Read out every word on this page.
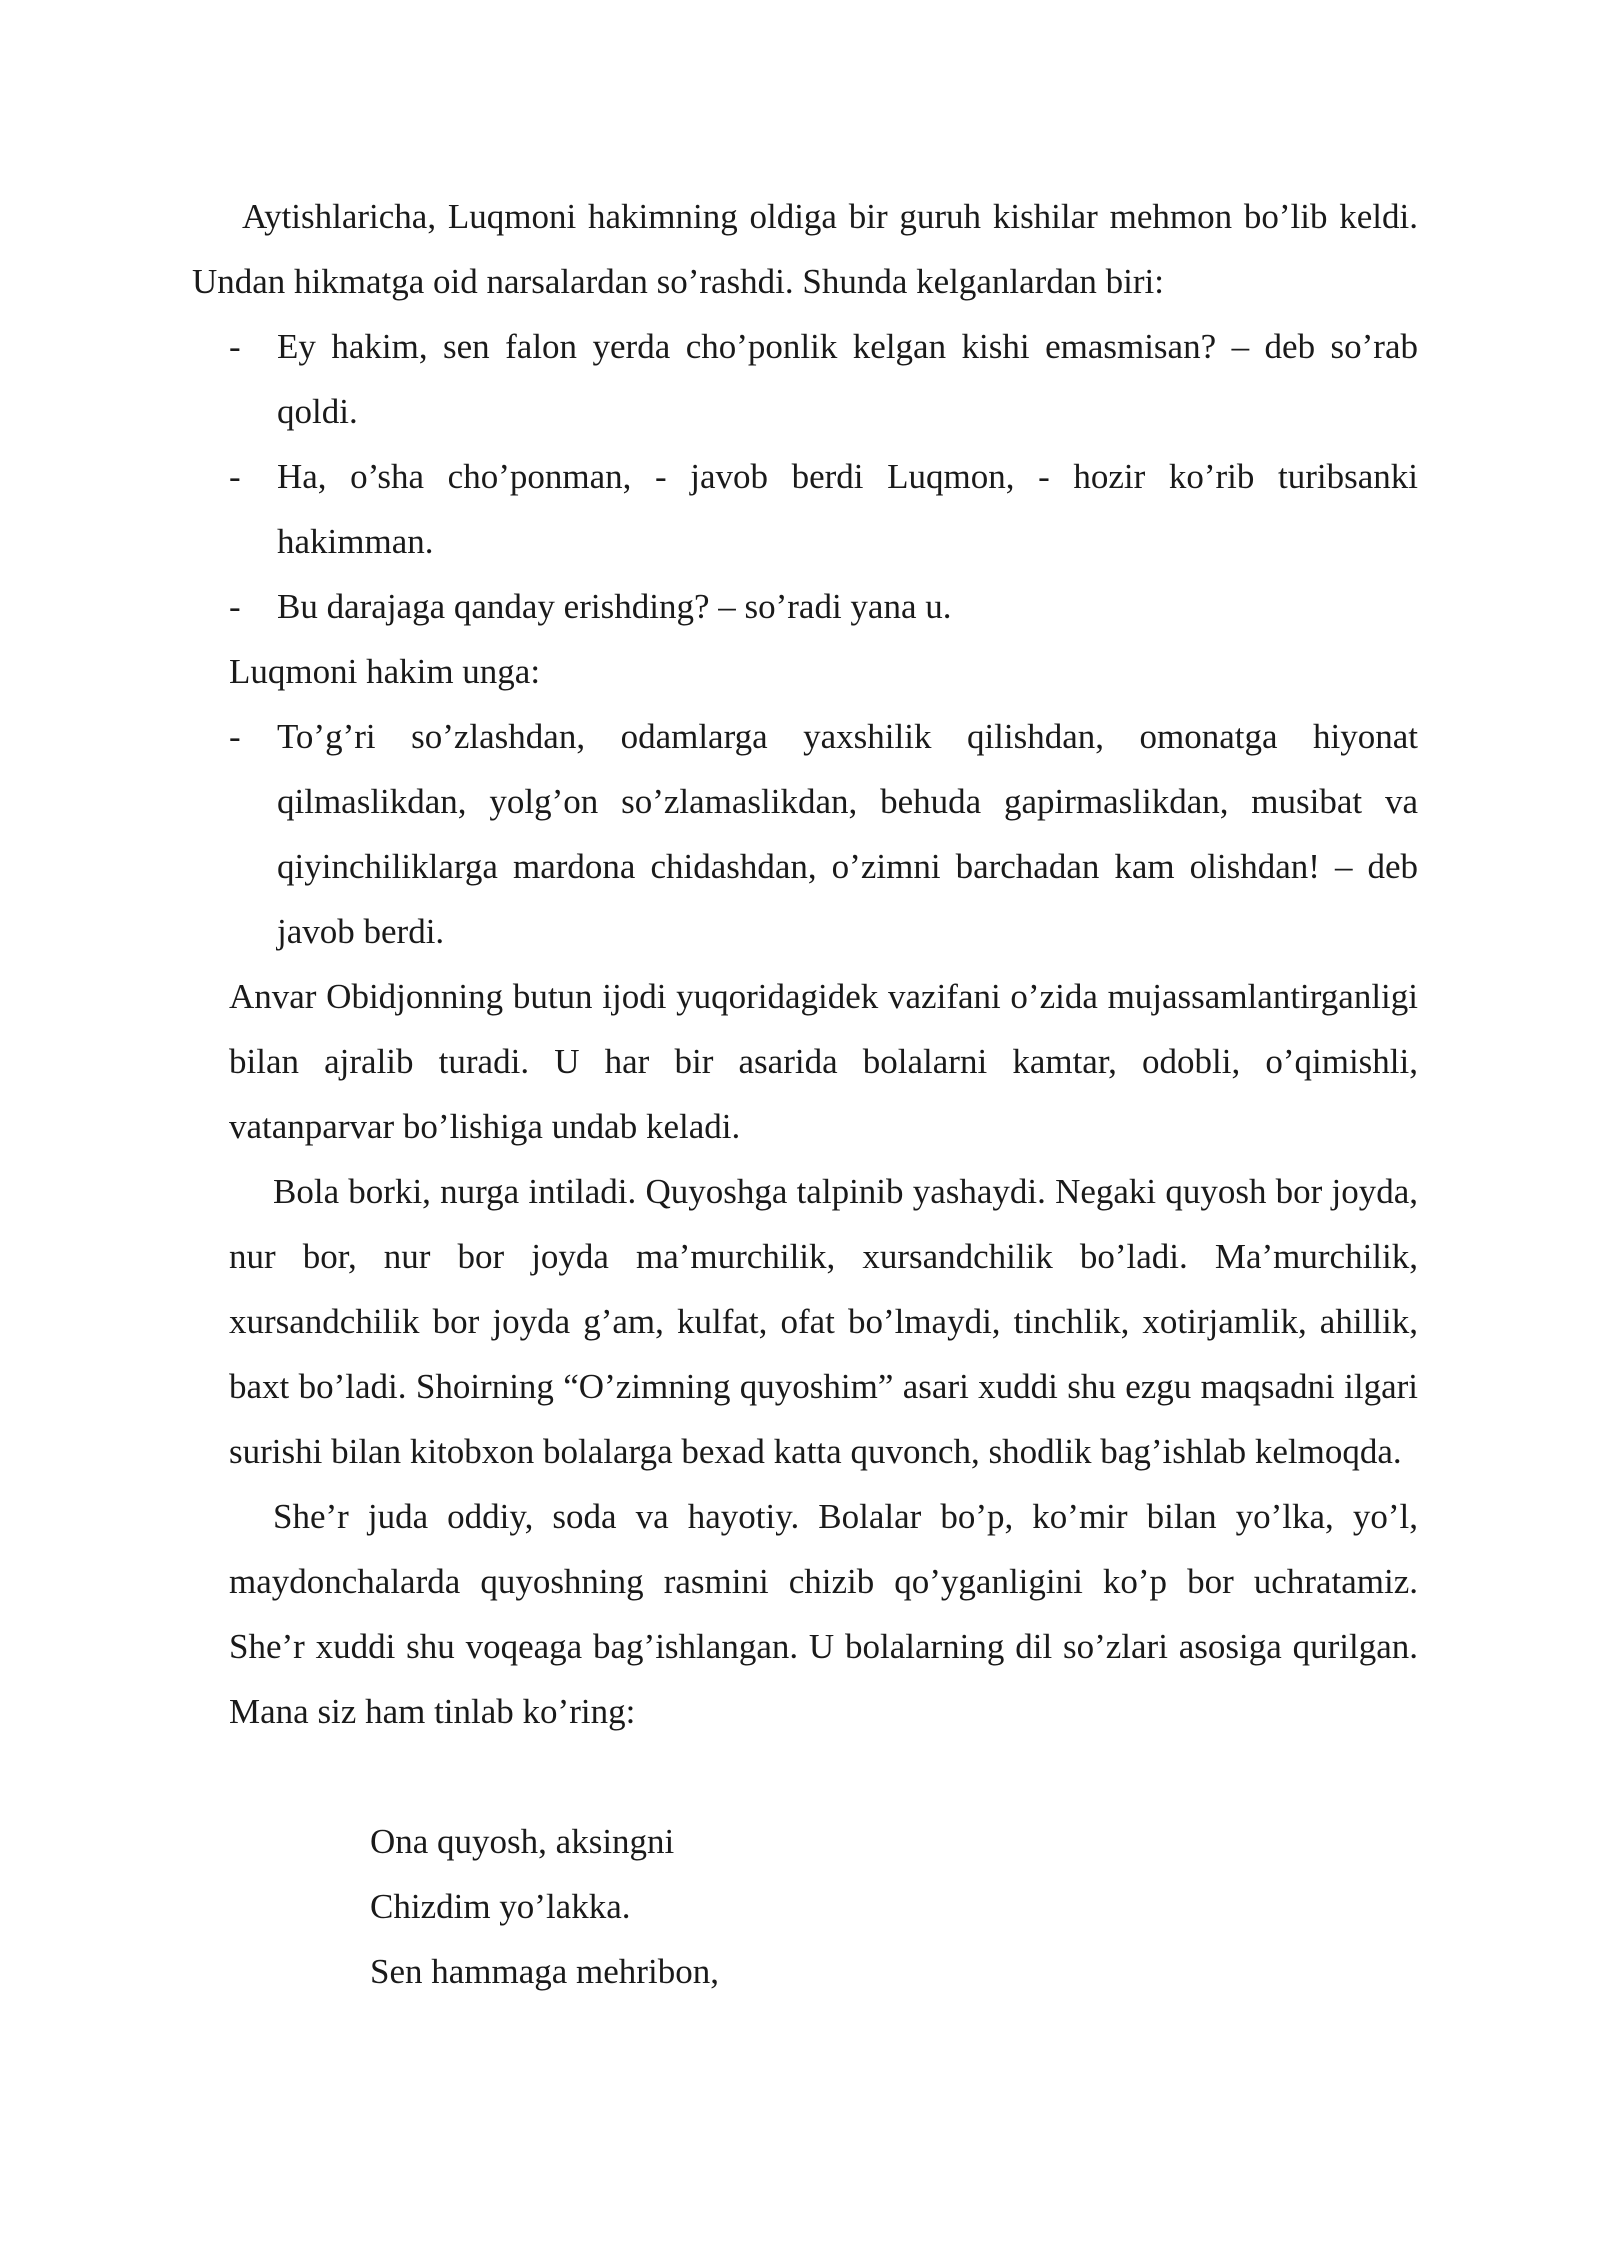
Aytishlaricha, Luqmoni hakimning oldiga bir guruh kishilar mehmon bo’lib keldi. Undan hikmatga oid narsalardan so’rashdi. Shunda kelganlardan biri:

-	Ey hakim, sen falon yerda cho’ponlik kelgan kishi emasmisan? – deb so’rab qoldi.
-	Ha, o’sha cho’ponman, - javob berdi Luqmon, - hozir ko’rib turibsanki hakimman.
-	Bu darajaga qanday erishding? – so’radi yana u.

Luqmoni hakim unga:

-	To’g’ri so’zlashdan, odamlarga yaxshilik qilishdan, omonatga hiyonat qilmaslikdan, yolg’on so’zlamaslikdan, behuda gapirmaslikdan, musibat va qiyinchiliklarga mardona chidashdan, o’zimni barchadan kam olishdan! – deb javob berdi.

Anvar Obidjonning butun ijodi yuqoridagidek vazifani o’zida mujassamlantirganligi bilan ajralib turadi. U har bir asarida bolalarni kamtar, odobli, o’qimishli, vatanparvar bo’lishiga undab keladi.

Bola borki, nurga intiladi. Quyoshga talpinib yashaydi. Negaki quyosh bor joyda, nur bor, nur bor joyda ma’murchilik, xursandchilik bo’ladi. Ma’murchilik, xursandchilik bor joyda g’am, kulfat, ofat bo’lmaydi, tinchlik, xotirjamlik, ahillik, baxt bo’ladi. Shoirning “O’zimning quyoshim” asari xuddi shu ezgu maqsadni ilgari surishi bilan kitobxon bolalarga bexad katta quvonch, shodlik bag’ishlab kelmoqda.

She’r juda oddiy, soda va hayotiy. Bolalar bo’p, ko’mir bilan yo’lka, yo’l, maydonchalarda quyoshning rasmini chizib qo’yganligini ko’p bor uchratamiz. She’r xuddi shu voqeaga bag’ishlangan. U bolalarning dil so’zlari asosiga qurilgan. Mana siz ham tinlab ko’ring:

Ona quyosh, aksingni
Chizdim yo’lakka.
Sen hammaga mehribon,
